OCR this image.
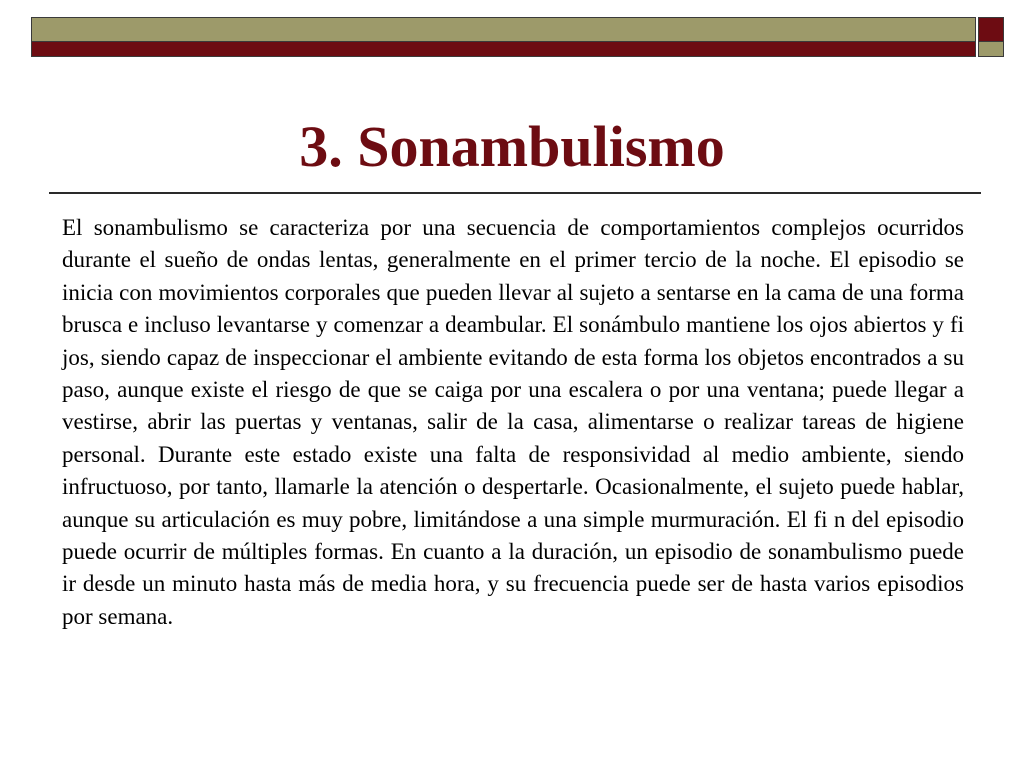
3. Sonambulismo

El sonambulismo se caracteriza por una secuencia de comportamientos complejos ocurridos durante el sueño de ondas lentas, generalmente en el primer tercio de la noche. El episodio se inicia con movimientos corporales que pueden llevar al sujeto a sentarse en la cama de una forma brusca e incluso levantarse y comenzar a deambular. El sonámbulo mantiene los ojos abiertos y fi jos, siendo capaz de inspeccionar el ambiente evitando de esta forma los objetos encontrados a su paso, aunque existe el riesgo de que se caiga por una escalera o por una ventana; puede llegar a vestirse, abrir las puertas y ventanas, salir de la casa, alimentarse o realizar tareas de higiene personal. Durante este estado existe una falta de responsividad al medio ambiente, siendo infructuoso, por tanto, llamarle la atención o despertarle. Ocasionalmente, el sujeto puede hablar, aunque su articulación es muy pobre, limitándose a una simple murmuración. El fi n del episodio puede ocurrir de múltiples formas. En cuanto a la duración, un episodio de sonambulismo puede ir desde un minuto hasta más de media hora, y su frecuencia puede ser de hasta varios episodios por semana.
